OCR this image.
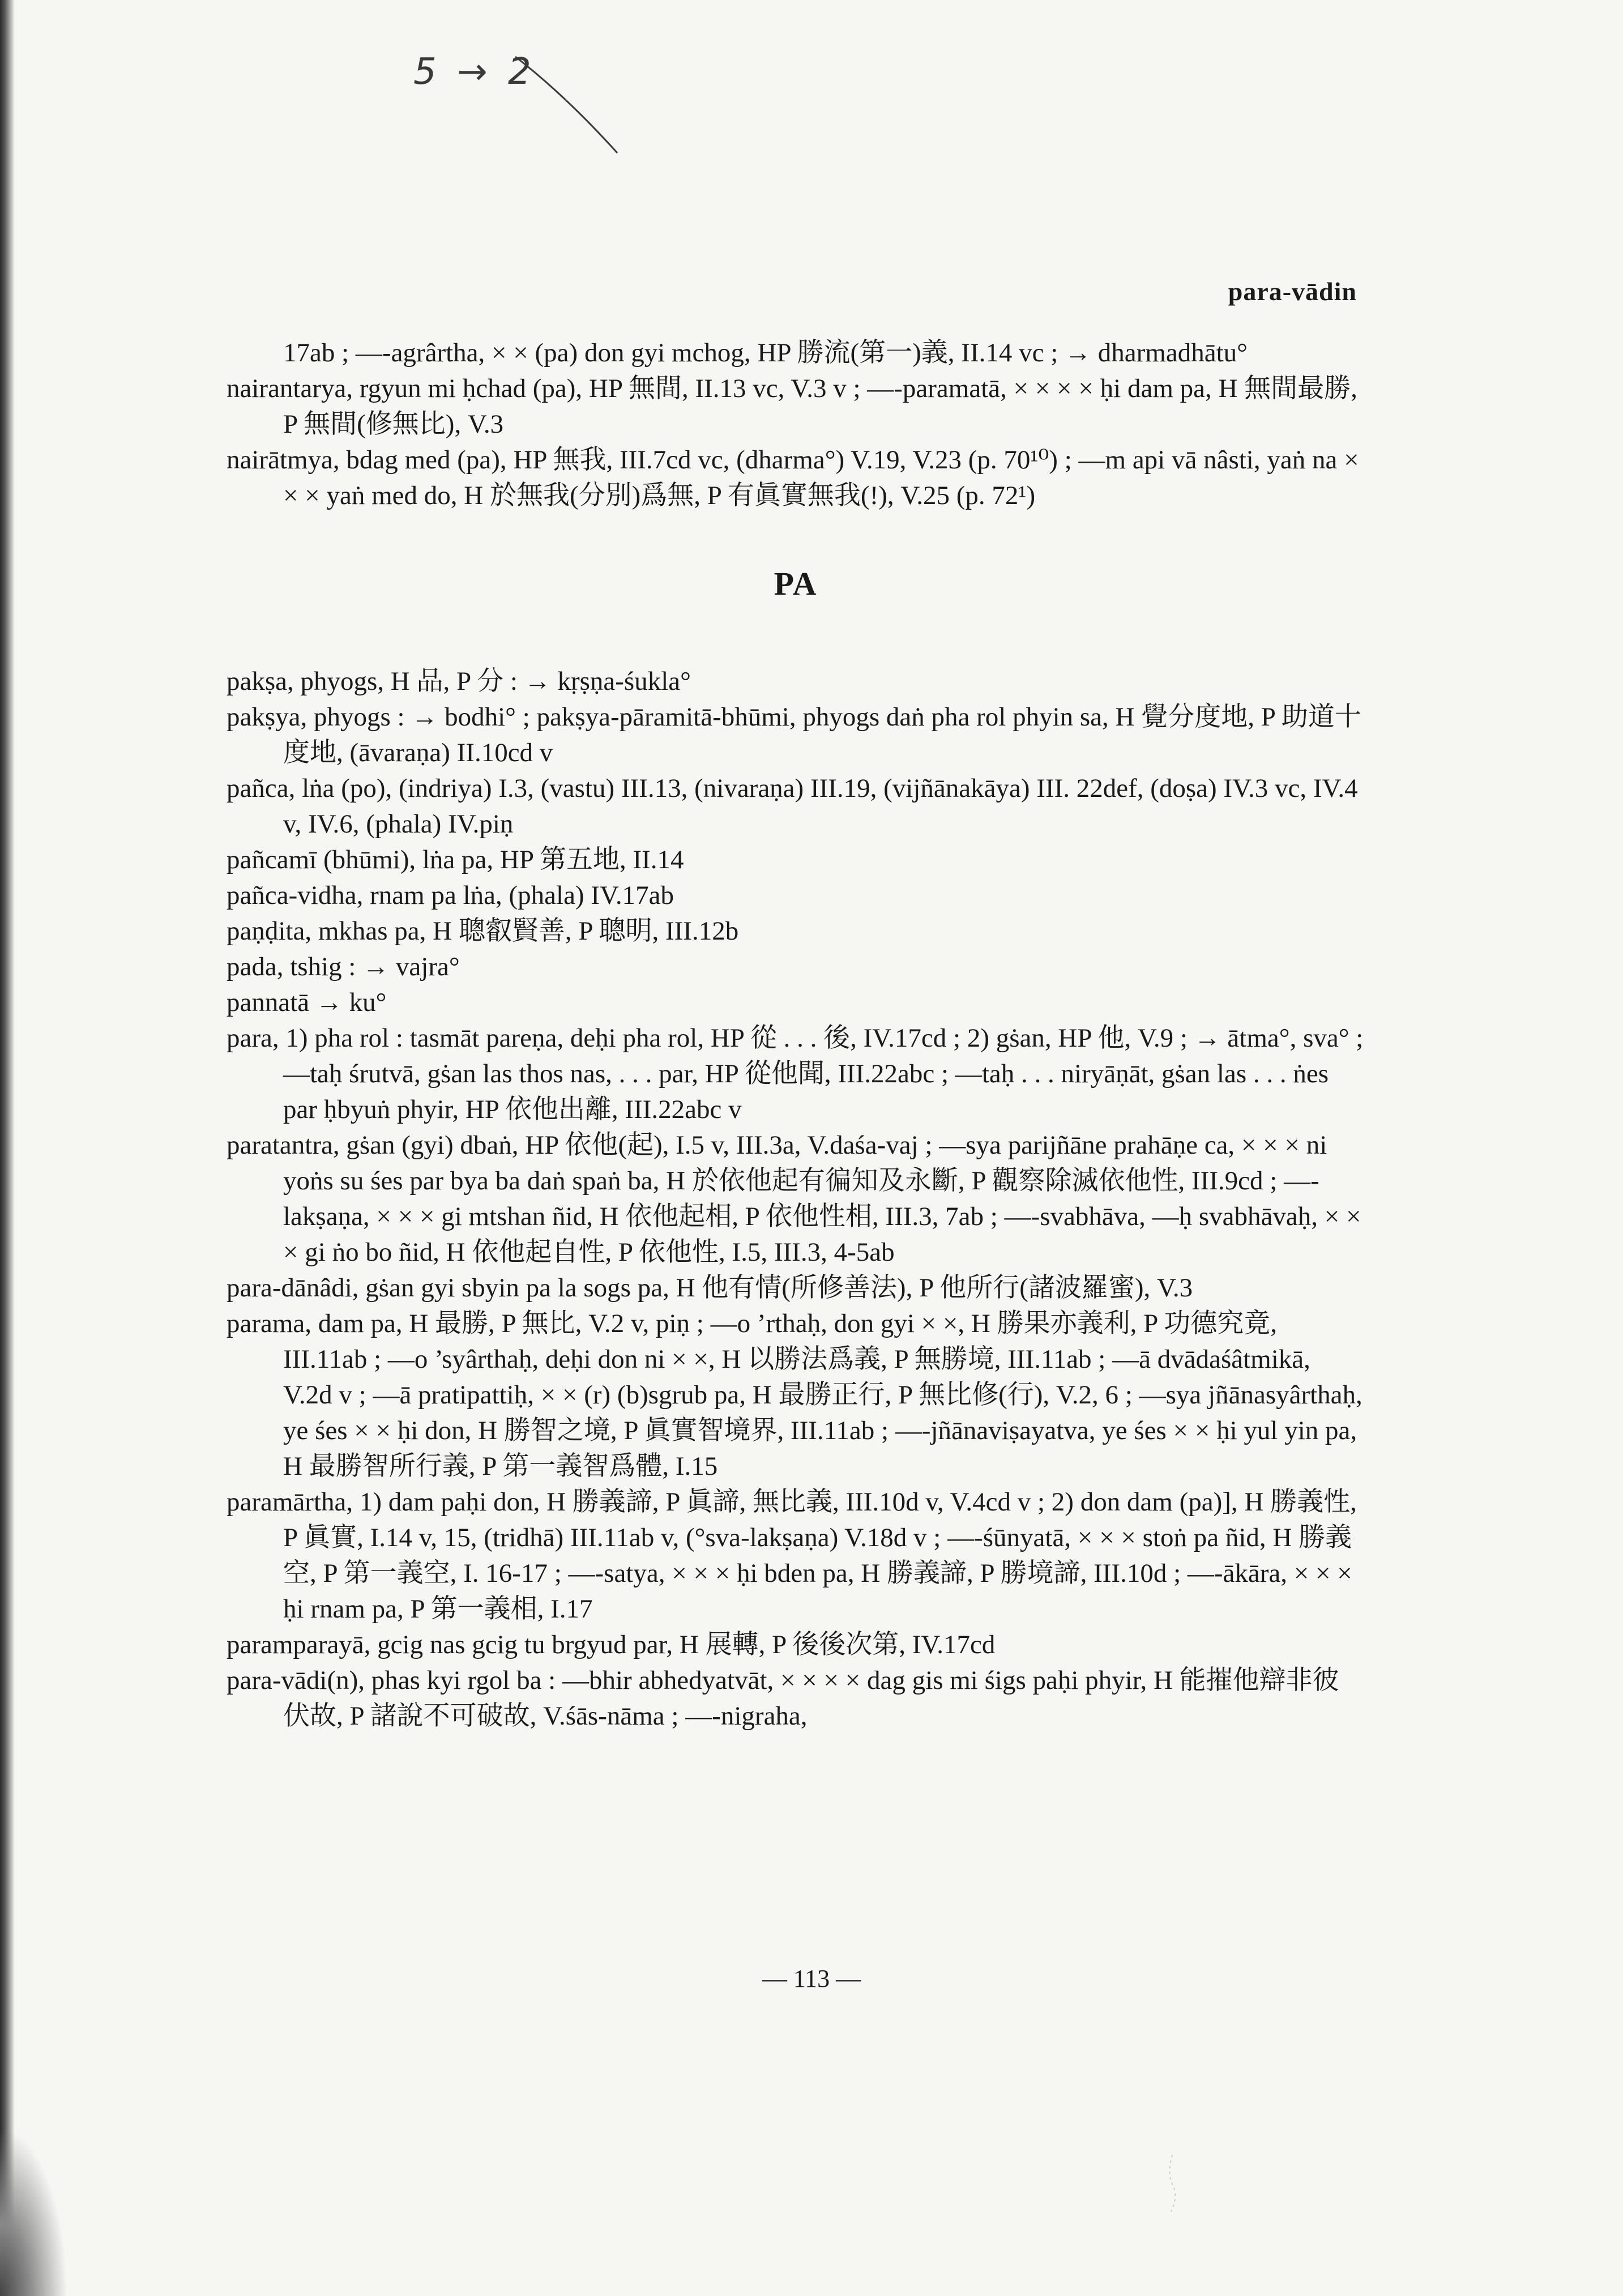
5 → 2
para-vādin
17ab ; —-agrârtha, × × (pa) don gyi mchog, HP 勝流(第一)義, II.14 vc ; → dharmadhātu°
nairantarya, rgyun mi ḥchad (pa), HP 無間, II.13 vc, V.3 v ; —-paramatā, × × × × ḥi dam pa, H 無間最勝, P 無間(修無比), V.3
nairātmya, bdag med (pa), HP 無我, III.7cd vc, (dharma°) V.19, V.23 (p. 70¹⁰) ; —m api vā nâsti, yaṅ na × × × yaṅ med do, H 於無我(分別)爲無, P 有眞實無我(!), V.25 (p. 72¹)
PA
pakṣa, phyogs, H 品, P 分 : → kṛṣṇa-śukla°
pakṣya, phyogs : → bodhi° ; pakṣya-pāramitā-bhūmi, phyogs daṅ pha rol phyin sa, H 覺分度地, P 助道十度地, (āvaraṇa) II.10cd v
pañca, lṅa (po), (indriya) I.3, (vastu) III.13, (nivaraṇa) III.19, (vijñānakāya) III. 22def, (doṣa) IV.3 vc, IV.4 v, IV.6, (phala) IV.piṇ
pañcamī (bhūmi), lṅa pa, HP 第五地, II.14
pañca-vidha, rnam pa lṅa, (phala) IV.17ab
paṇḍita, mkhas pa, H 聰叡賢善, P 聰明, III.12b
pada, tshig : → vajra°
pannatā → ku°
para, 1) pha rol : tasmāt pareṇa, deḥi pha rol, HP 從 . . . 後, IV.17cd ; 2) gṡan, HP 他, V.9 ; → ātma°, sva° ; —taḥ śrutvā, gṡan las thos nas, . . . par, HP 從他聞, III.22abc ; —taḥ . . . niryāṇāt, gṡan las . . . ṅes par ḥbyuṅ phyir, HP 依他出離, III.22abc v
paratantra, gṡan (gyi) dbaṅ, HP 依他(起), I.5 v, III.3a, V.daśa-vaj ; —sya parijñāne prahāṇe ca, × × × ni yoṅs su śes par bya ba daṅ spaṅ ba, H 於依他起有徧知及永斷, P 觀察除滅依他性, III.9cd ; —-lakṣaṇa, × × × gi mtshan ñid, H 依他起相, P 依他性相, III.3, 7ab ; —-svabhāva, —ḥ svabhāvaḥ, × × × gi ṅo bo ñid, H 依他起自性, P 依他性, I.5, III.3, 4-5ab
para-dānâdi, gṡan gyi sbyin pa la sogs pa, H 他有情(所修善法), P 他所行(諸波羅蜜), V.3
parama, dam pa, H 最勝, P 無比, V.2 v, piṇ ; —o ’rthaḥ, don gyi × ×, H 勝果亦義利, P 功德究竟, III.11ab ; —o ’syârthaḥ, deḥi don ni × ×, H 以勝法爲義, P 無勝境, III.11ab ; —ā dvādaśâtmikā, V.2d v ; —ā pratipattiḥ, × × (r) (b)sgrub pa, H 最勝正行, P 無比修(行), V.2, 6 ; —sya jñānasyârthaḥ, ye śes × × ḥi don, H 勝智之境, P 眞實智境界, III.11ab ; —-jñānaviṣayatva, ye śes × × ḥi yul yin pa, H 最勝智所行義, P 第一義智爲體, I.15
paramārtha, 1) dam paḥi don, H 勝義諦, P 眞諦, 無比義, III.10d v, V.4cd v ; 2) don dam (pa)], H 勝義性, P 眞實, I.14 v, 15, (tridhā) III.11ab v, (°sva-lakṣaṇa) V.18d v ; —-śūnyatā, × × × stoṅ pa ñid, H 勝義空, P 第一義空, I. 16-17 ; —-satya, × × × ḥi bden pa, H 勝義諦, P 勝境諦, III.10d ; —-ākāra, × × × ḥi rnam pa, P 第一義相, I.17
paramparayā, gcig nas gcig tu brgyud par, H 展轉, P 後後次第, IV.17cd
para-vādi(n), phas kyi rgol ba : —bhir abhedyatvāt, × × × × dag gis mi śigs paḥi phyir, H 能摧他辯非彼伏故, P 諸說不可破故, V.śās-nāma ; —-nigraha,
— 113 —
